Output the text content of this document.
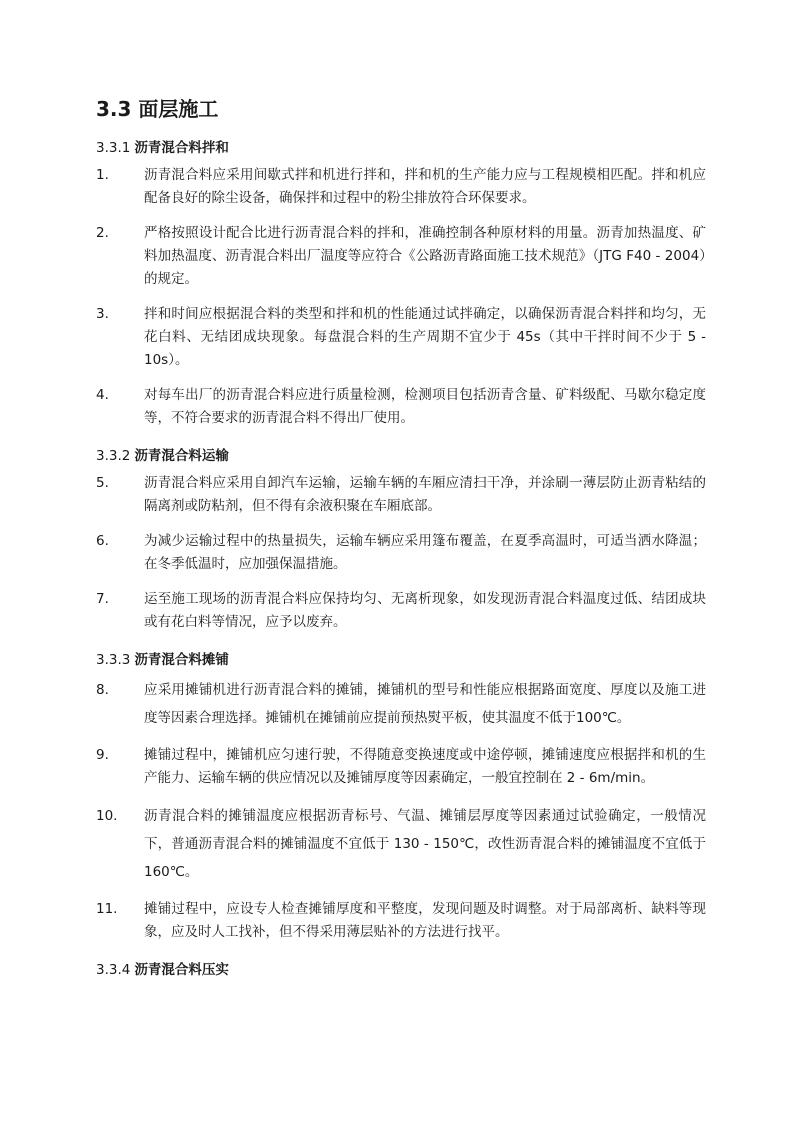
3.3 面层施工
3.3.1 沥青混合料拌和
1.	沥青混合料应采用间歇式拌和机进行拌和，拌和机的生产能力应与工程规模相匹配。拌和机应配备良好的除尘设备，确保拌和过程中的粉尘排放符合环保要求。
2.	严格按照设计配合比进行沥青混合料的拌和，准确控制各种原材料的用量。沥青加热温度、矿料加热温度、沥青混合料出厂温度等应符合《公路沥青路面施工技术规范》（JTG F40 - 2004）的规定。
3.	拌和时间应根据混合料的类型和拌和机的性能通过试拌确定，以确保沥青混合料拌和均匀，无花白料、无结团成块现象。每盘混合料的生产周期不宜少于 45s（其中干拌时间不少于 5 - 10s）。
4.	对每车出厂的沥青混合料应进行质量检测，检测项目包括沥青含量、矿料级配、马歇尔稳定度等，不符合要求的沥青混合料不得出厂使用。
3.3.2 沥青混合料运输
5.	沥青混合料应采用自卸汽车运输，运输车辆的车厢应清扫干净，并涂刷一薄层防止沥青粘结的隔离剂或防粘剂，但不得有余液积聚在车厢底部。
6.	为减少运输过程中的热量损失，运输车辆应采用篷布覆盖，在夏季高温时，可适当洒水降温；在冬季低温时，应加强保温措施。
7.	运至施工现场的沥青混合料应保持均匀、无离析现象，如发现沥青混合料温度过低、结团成块或有花白料等情况，应予以废弃。
3.3.3 沥青混合料摊铺
8.	应采用摊铺机进行沥青混合料的摊铺，摊铺机的型号和性能应根据路面宽度、厚度以及施工进度等因素合理选择。摊铺机在摊铺前应提前预热熨平板，使其温度不低于100℃。
9.	摊铺过程中，摊铺机应匀速行驶，不得随意变换速度或中途停顿，摊铺速度应根据拌和机的生产能力、运输车辆的供应情况以及摊铺厚度等因素确定，一般宜控制在 2 - 6m/min。
10.	沥青混合料的摊铺温度应根据沥青标号、气温、摊铺层厚度等因素通过试验确定，一般情况下，普通沥青混合料的摊铺温度不宜低于 130 - 150℃，改性沥青混合料的摊铺温度不宜低于 160℃。
11.	摊铺过程中，应设专人检查摊铺厚度和平整度，发现问题及时调整。对于局部离析、缺料等现象，应及时人工找补，但不得采用薄层贴补的方法进行找平。
3.3.4 沥青混合料压实
